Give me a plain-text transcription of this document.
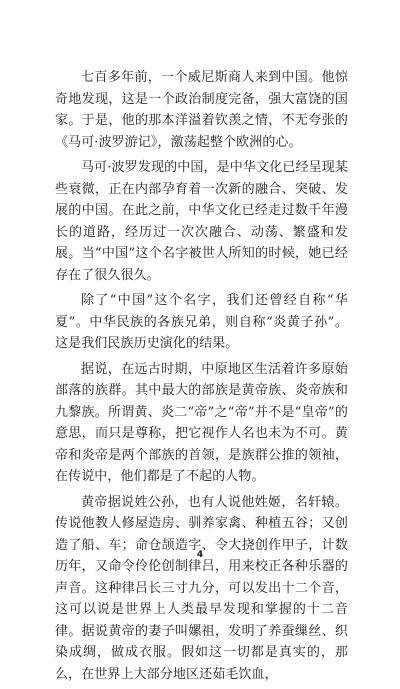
七百多年前，一个威尼斯商人来到中国。他惊奇地发现，这是一个政治制度完备，强大富饶的国家。于是，他的那本洋溢着钦羡之情，不无夸张的《马可·波罗游记》，激荡起整个欧洲的心。

马可·波罗发现的中国，是中华文化已经呈现某些衰微，正在内部孕育着一次新的融合、突破、发展的中国。在此之前，中华文化已经走过数千年漫长的道路，经历过一次次融合、动荡、繁盛和发展。当“中国”这个名字被世人所知的时候，她已经存在了很久很久。

除了“中国”这个名字，我们还曾经自称“华夏”。中华民族的各族兄弟，则自称“炎黄子孙”。这是我们民族历史演化的结果。

据说，在远古时期，中原地区生活着许多原始部落的族群。其中最大的部族是黄帝族、炎帝族和九黎族。所谓黄、炎二“帝”之“帝”并不是“皇帝”的意思，而只是尊称，把它视作人名也未为不可。黄帝和炎帝是两个部族的首领，是族群公推的领袖，在传说中，他们都是了不起的人物。

黄帝据说姓公孙，也有人说他姓姬，名轩辕。传说他教人修屋造房、驯养家禽、种植五谷；又创造了船、车；命仓颉造字、令大挠创作甲子，计数历年，又命令伶伦创制律吕，用来校正各种乐器的声音。这种律吕长三寸九分，可以发出十二个音，这可以说是世界上人类最早发现和掌握的十二音律。据说黄帝的妻子叫嫘祖，发明了养蚕缫丝、织染成绸，做成衣服。假如这一切都是真实的，那么，在世界上大部分地区还茹毛饮血，

4
